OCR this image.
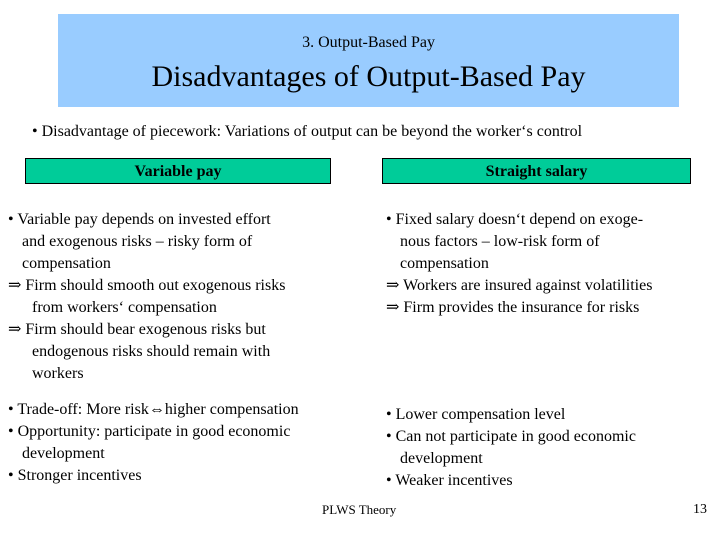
3. Output-Based Pay
Disadvantages of Output-Based Pay
• Disadvantage of piecework: Variations of output can be beyond the worker‘s control
Variable pay	Straight salary
• Variable pay depends on invested effort
and exogenous risks – risky form of
compensation
⇒ Firm should smooth out exogenous risks
from workers‘ compensation
⇒ Firm should bear exogenous risks but
endogenous risks should remain with
workers
• Trade-off: More risk⇔higher compensation
• Opportunity: participate in good economic
development
• Stronger incentives
• Fixed salary doesn‘t depend on exoge-
nous factors – low-risk form of
compensation
⇒ Workers are insured against volatilities
⇒ Firm provides the insurance for risks
• Lower compensation level
• Can not participate in good economic
development
• Weaker incentives
PLWS Theory	13
